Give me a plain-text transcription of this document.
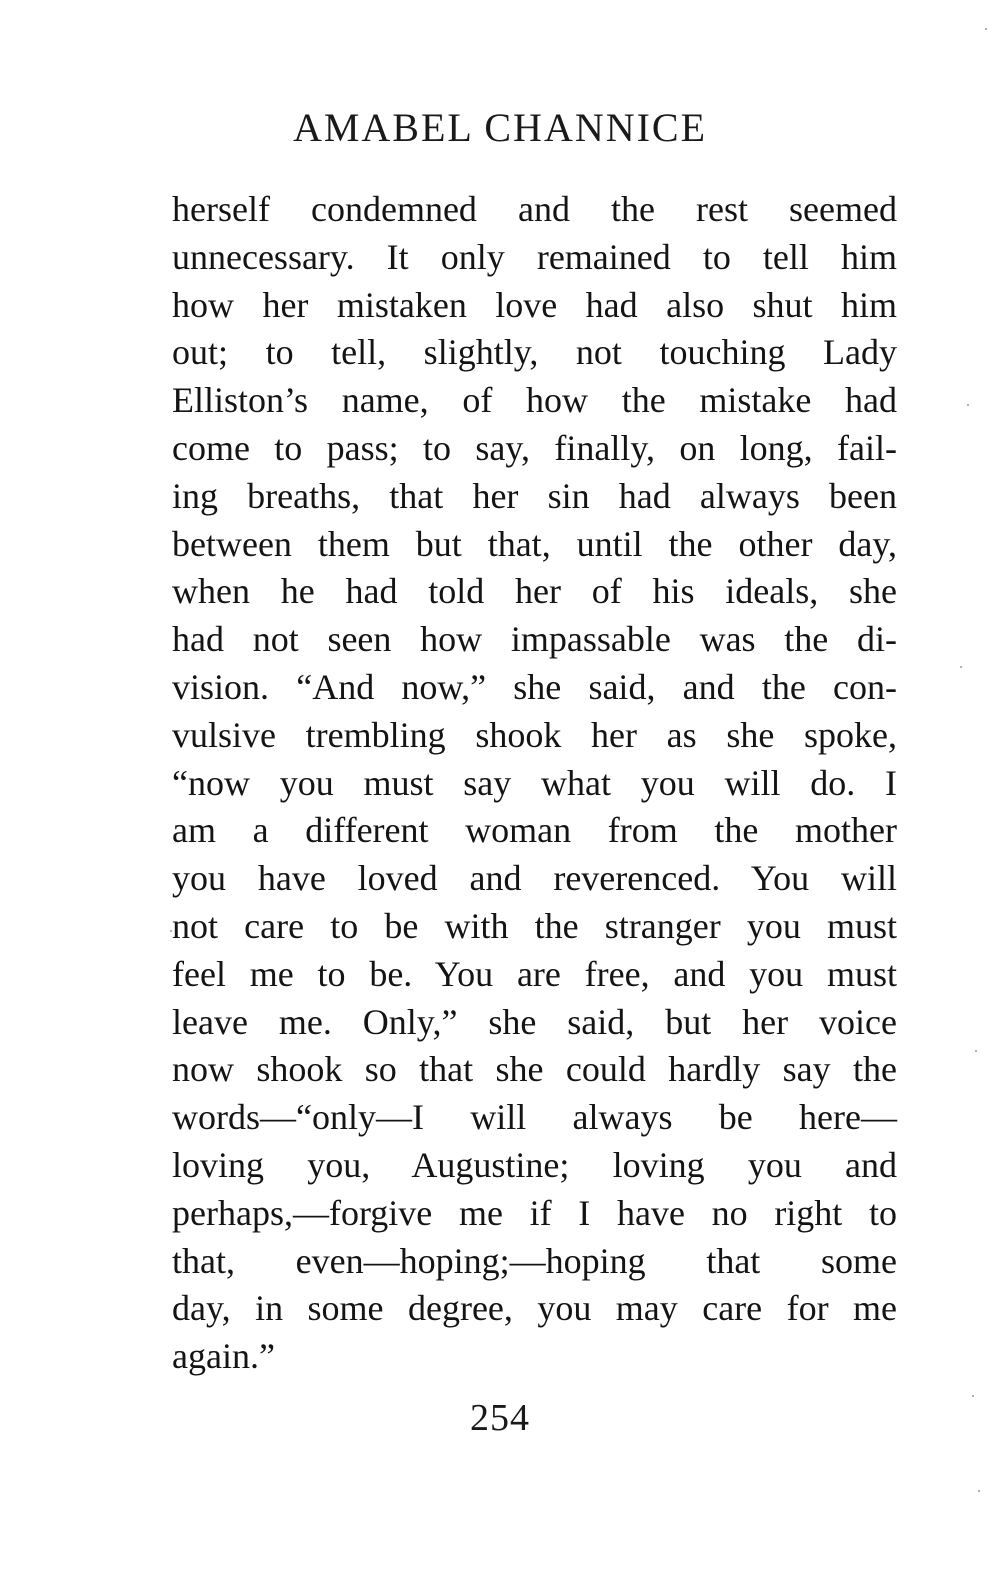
AMABEL CHANNICE
herself condemned and the rest seemed
unnecessary. It only remained to tell him
how her mistaken love had also shut him
out; to tell, slightly, not touching Lady
Elliston’s name, of how the mistake had
come to pass; to say, finally, on long, fail-
ing breaths, that her sin had always been
between them but that, until the other day,
when he had told her of his ideals, she
had not seen how impassable was the di-
vision. “And now,” she said, and the con-
vulsive trembling shook her as she spoke,
“now you must say what you will do. I
am a different woman from the mother
you have loved and reverenced. You will
not care to be with the stranger you must
feel me to be. You are free, and you must
leave me. Only,” she said, but her voice
now shook so that she could hardly say the
words—“only—I will always be here—
loving you, Augustine; loving you and
perhaps,—forgive me if I have no right to
that, even—hoping;—hoping that some
day, in some degree, you may care for me
again.”
254
